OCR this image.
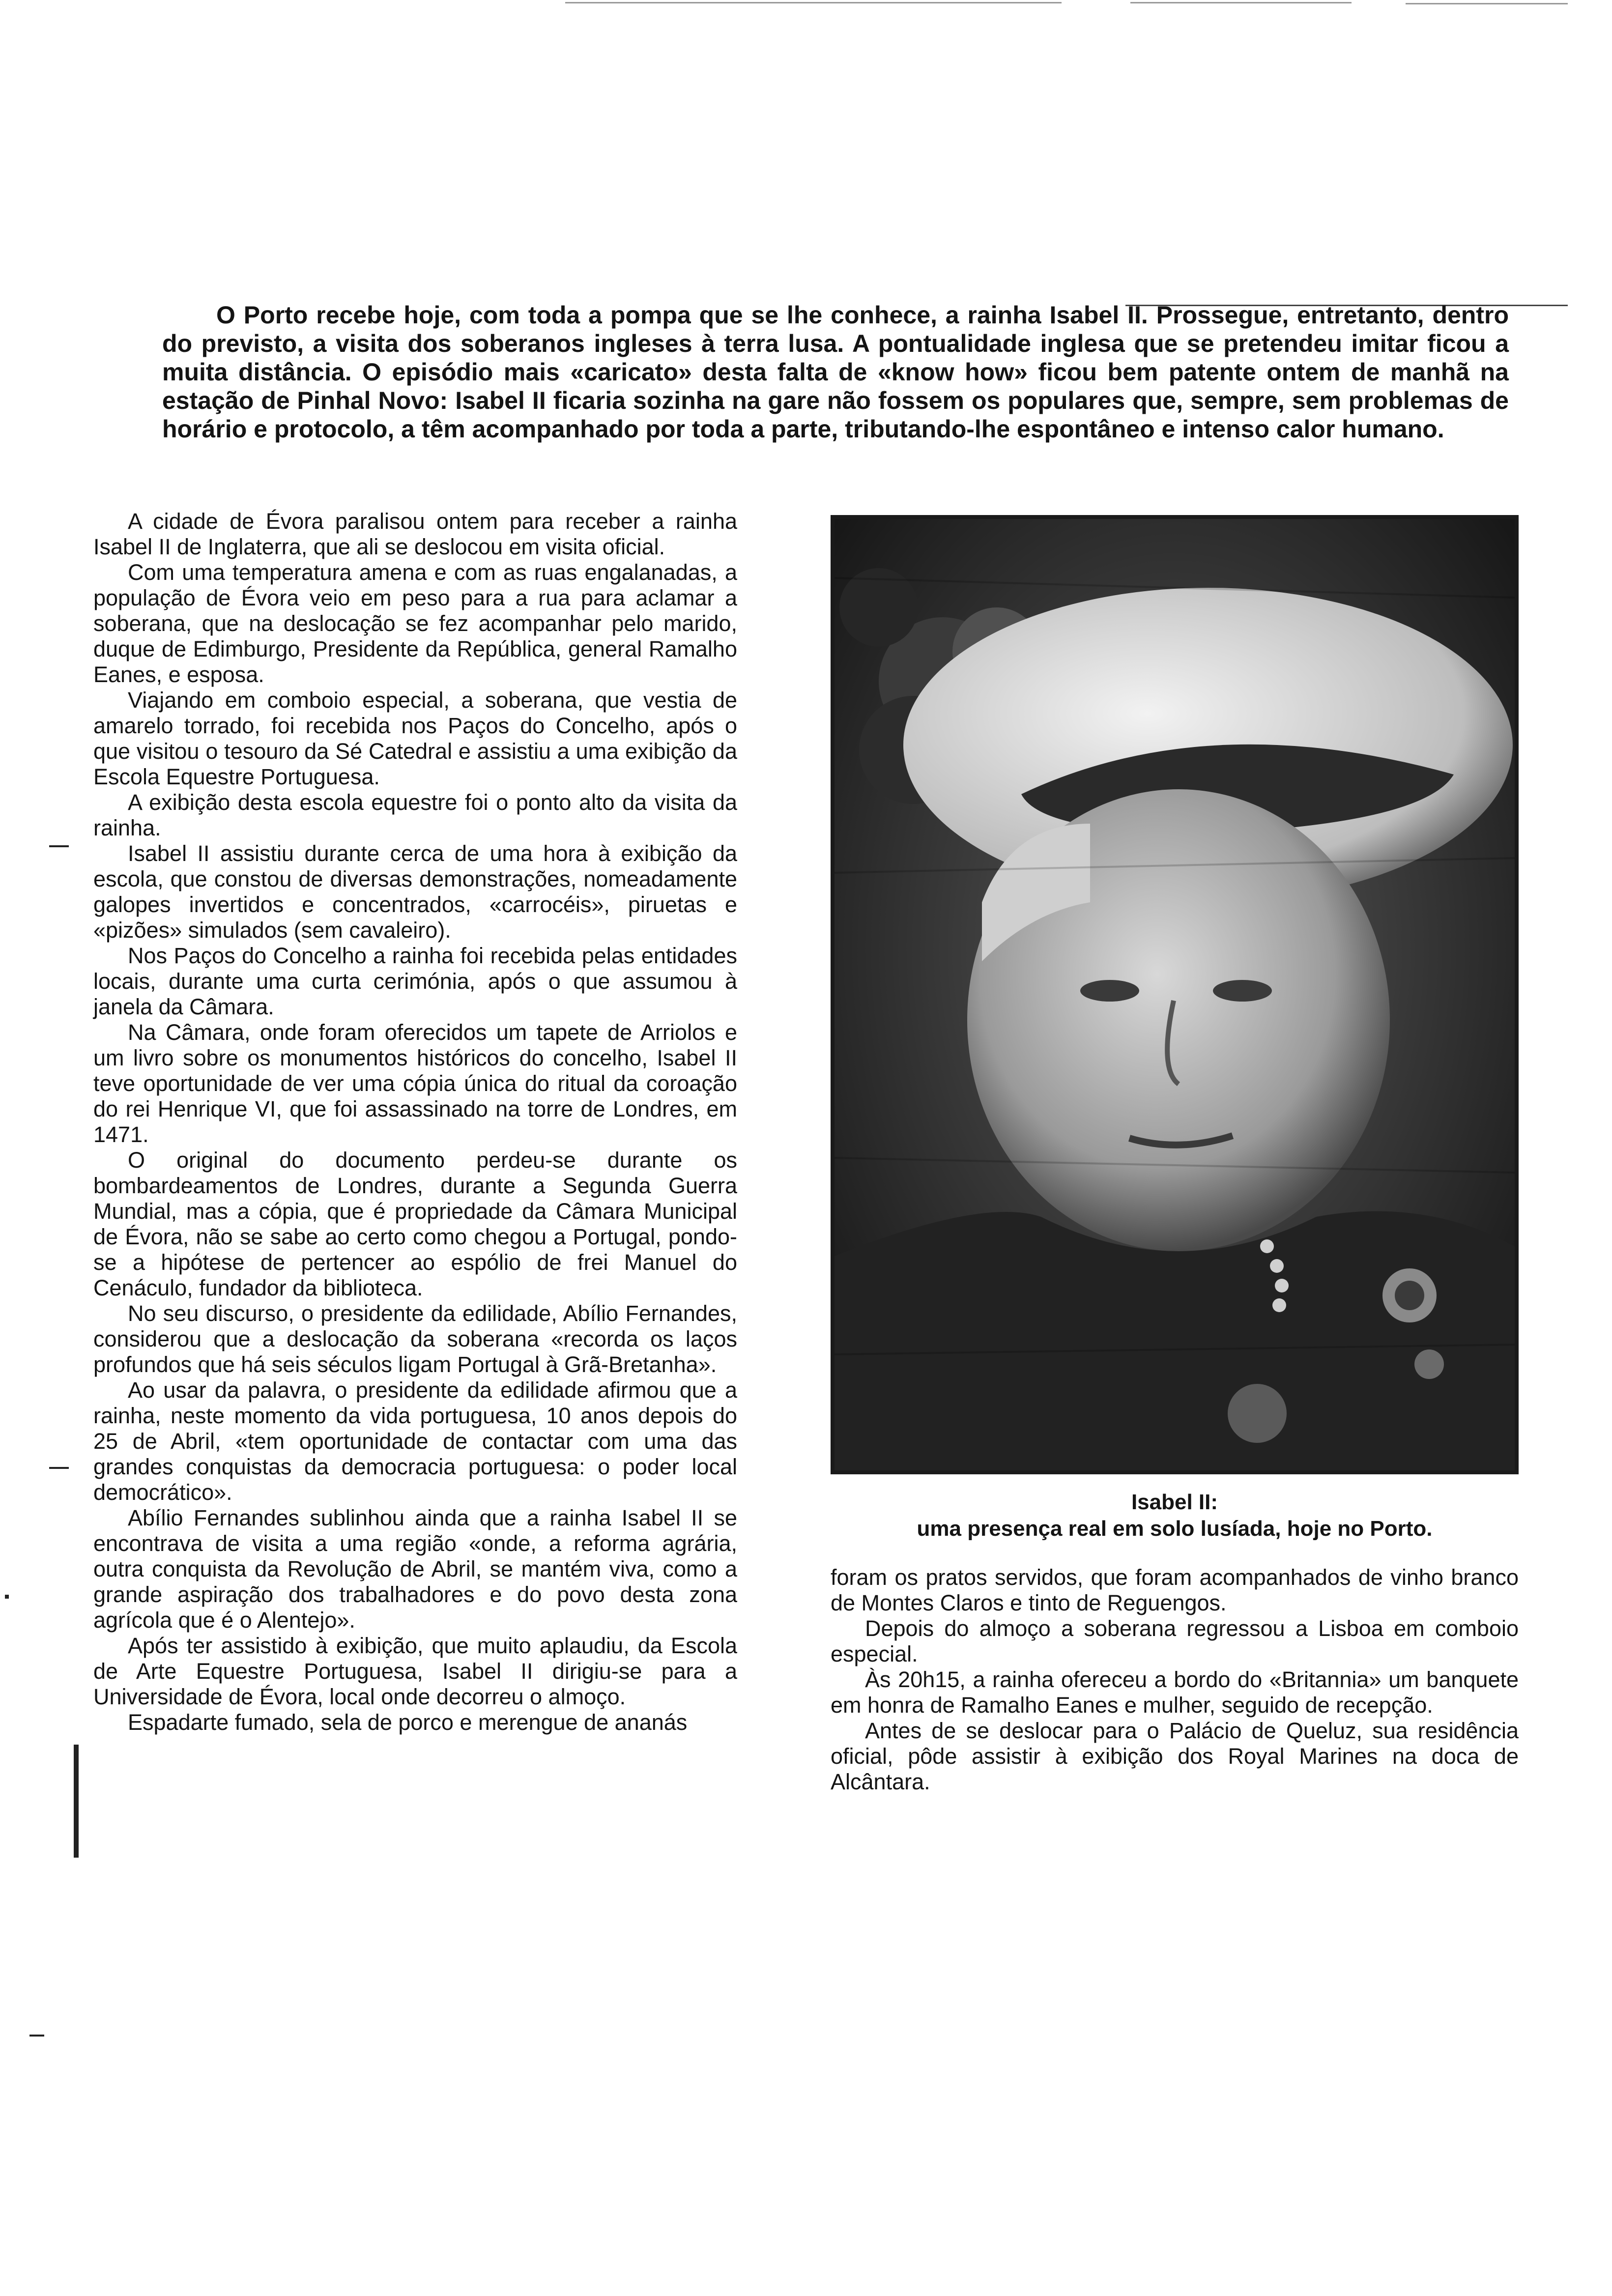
O Porto recebe hoje, com toda a pompa que se lhe conhece, a rainha Isabel II. Prossegue, entretanto, dentro do previsto, a visita dos soberanos ingleses à terra lusa. A pontualidade inglesa que se pretendeu imitar ficou a muita distância. O episódio mais «caricato» desta falta de «know how» ficou bem patente ontem de manhã na estação de Pinhal Novo: Isabel II ficaria sozinha na gare não fossem os populares que, sempre, sem problemas de horário e protocolo, a têm acompanhado por toda a parte, tributando-lhe espontâneo e intenso calor humano.

A cidade de Évora paralisou ontem para receber a rainha Isabel II de Inglaterra, que ali se deslocou em visita oficial.

Com uma temperatura amena e com as ruas engalanadas, a população de Évora veio em peso para a rua para aclamar a soberana, que na deslocação se fez acompanhar pelo marido, duque de Edimburgo, Presidente da República, general Ramalho Eanes, e esposa.

Viajando em comboio especial, a soberana, que vestia de amarelo torrado, foi recebida nos Paços do Concelho, após o que visitou o tesouro da Sé Catedral e assistiu a uma exibição da Escola Equestre Portuguesa.

A exibição desta escola equestre foi o ponto alto da visita da rainha.

Isabel II assistiu durante cerca de uma hora à exibição da escola, que constou de diversas demonstrações, nomeadamente galopes invertidos e concentrados, «carrocéis», piruetas e «pizões» simulados (sem cavaleiro).

Nos Paços do Concelho a rainha foi recebida pelas entidades locais, durante uma curta cerimónia, após o que assumou à janela da Câmara.

Na Câmara, onde foram oferecidos um tapete de Arriolos e um livro sobre os monumentos históricos do concelho, Isabel II teve oportunidade de ver uma cópia única do ritual da coroação do rei Henrique VI, que foi assassinado na torre de Londres, em 1471.

O original do documento perdeu-se durante os bombardeamentos de Londres, durante a Segunda Guerra Mundial, mas a cópia, que é propriedade da Câmara Municipal de Évora, não se sabe ao certo como chegou a Portugal, pondo-se a hipótese de pertencer ao espólio de frei Manuel do Cenáculo, fundador da biblioteca.

No seu discurso, o presidente da edilidade, Abílio Fernandes, considerou que a deslocação da soberana «recorda os laços profundos que há seis séculos ligam Portugal à Grã-Bretanha».

Ao usar da palavra, o presidente da edilidade afirmou que a rainha, neste momento da vida portuguesa, 10 anos depois do 25 de Abril, «tem oportunidade de contactar com uma das grandes conquistas da democracia portuguesa: o poder local democrático».

Abílio Fernandes sublinhou ainda que a rainha Isabel II se encontrava de visita a uma região «onde, a reforma agrária, outra conquista da Revolução de Abril, se mantém viva, como a grande aspiração dos trabalhadores e do povo desta zona agrícola que é o Alentejo».

Após ter assistido à exibição, que muito aplaudiu, da Escola de Arte Equestre Portuguesa, Isabel II dirigiu-se para a Universidade de Évora, local onde decorreu o almoço.

Espadarte fumado, sela de porco e merengue de ananás

Isabel II:
uma presença real em solo lusíada, hoje no Porto.

foram os pratos servidos, que foram acompanhados de vinho branco de Montes Claros e tinto de Reguengos.

Depois do almoço a soberana regressou a Lisboa em comboio especial.

Às 20h15, a rainha ofereceu a bordo do «Britannia» um banquete em honra de Ramalho Eanes e mulher, seguido de recepção.

Antes de se deslocar para o Palácio de Queluz, sua residência oficial, pôde assistir à exibição dos Royal Marines na doca de Alcântara.
